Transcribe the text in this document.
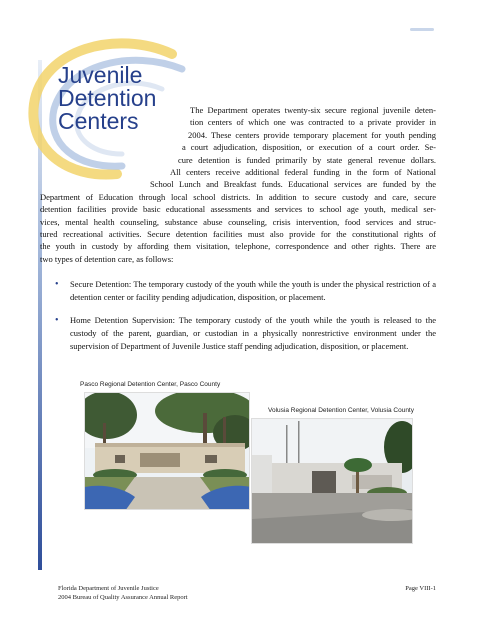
Juvenile
Detention
Centers	The Department operates twenty-six secure regional juvenile deten-
tion centers of which one was contracted to a private provider in
2004. These centers provide temporary placement for youth pending
a court adjudication, disposition, or execution of a court order. Se-
cure detention is funded primarily by state general revenue dollars.
All centers receive additional federal funding in the form of National
School Lunch and Breakfast funds. Educational services are funded by the
Department of Education through local school districts. In addition to secure custody and care, secure
detention facilities provide basic educational assessments and services to school age youth, medical ser-
vices, mental health counseling, substance abuse counseling, crisis intervention, food services and struc-
tured recreational activities. Secure detention facilities must also provide for the constitutional rights of
the youth in custody by affording them visitation, telephone, correspondence and other rights. There are
two types of detention care, as follows:
• Secure Detention: The temporary custody of the youth while the youth is under the physical restriction of a detention center or facility pending adjudication, disposition, or placement.
• Home Detention Supervision: The temporary custody of the youth while the youth is released to the custody of the parent, guardian, or custodian in a physically nonrestrictive environment under the supervision of Department of Juvenile Justice staff pending adjudication, disposition, or placement.
Pasco Regional Detention Center, Pasco County
Volusia Regional Detention Center, Volusia County
Florida Department of Juvenile Justice
2004 Bureau of Quality Assurance Annual Report
Page VIII-1
